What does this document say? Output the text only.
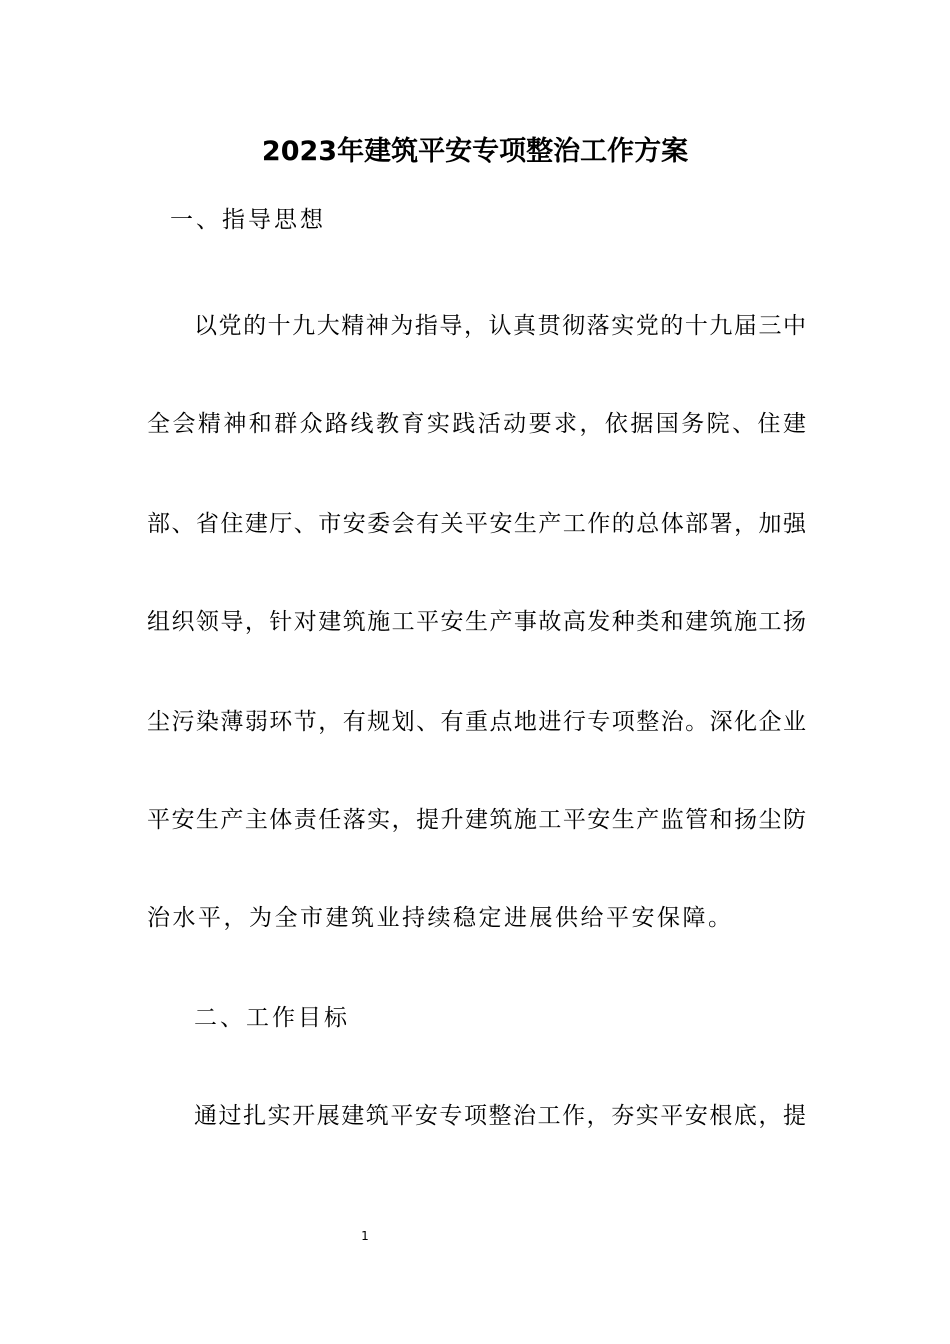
2023年建筑平安专项整治工作方案
一、指导思想
以党的十九大精神为指导，认真贯彻落实党的十九届三中
全会精神和群众路线教育实践活动要求，依据国务院、住建
部、省住建厅、市安委会有关平安生产工作的总体部署，加强
组织领导，针对建筑施工平安生产事故高发种类和建筑施工扬
尘污染薄弱环节，有规划、有重点地进行专项整治。深化企业
平安生产主体责任落实，提升建筑施工平安生产监管和扬尘防
治水平，为全市建筑业持续稳定进展供给平安保障。
二、工作目标
通过扎实开展建筑平安专项整治工作，夯实平安根底，提
1
